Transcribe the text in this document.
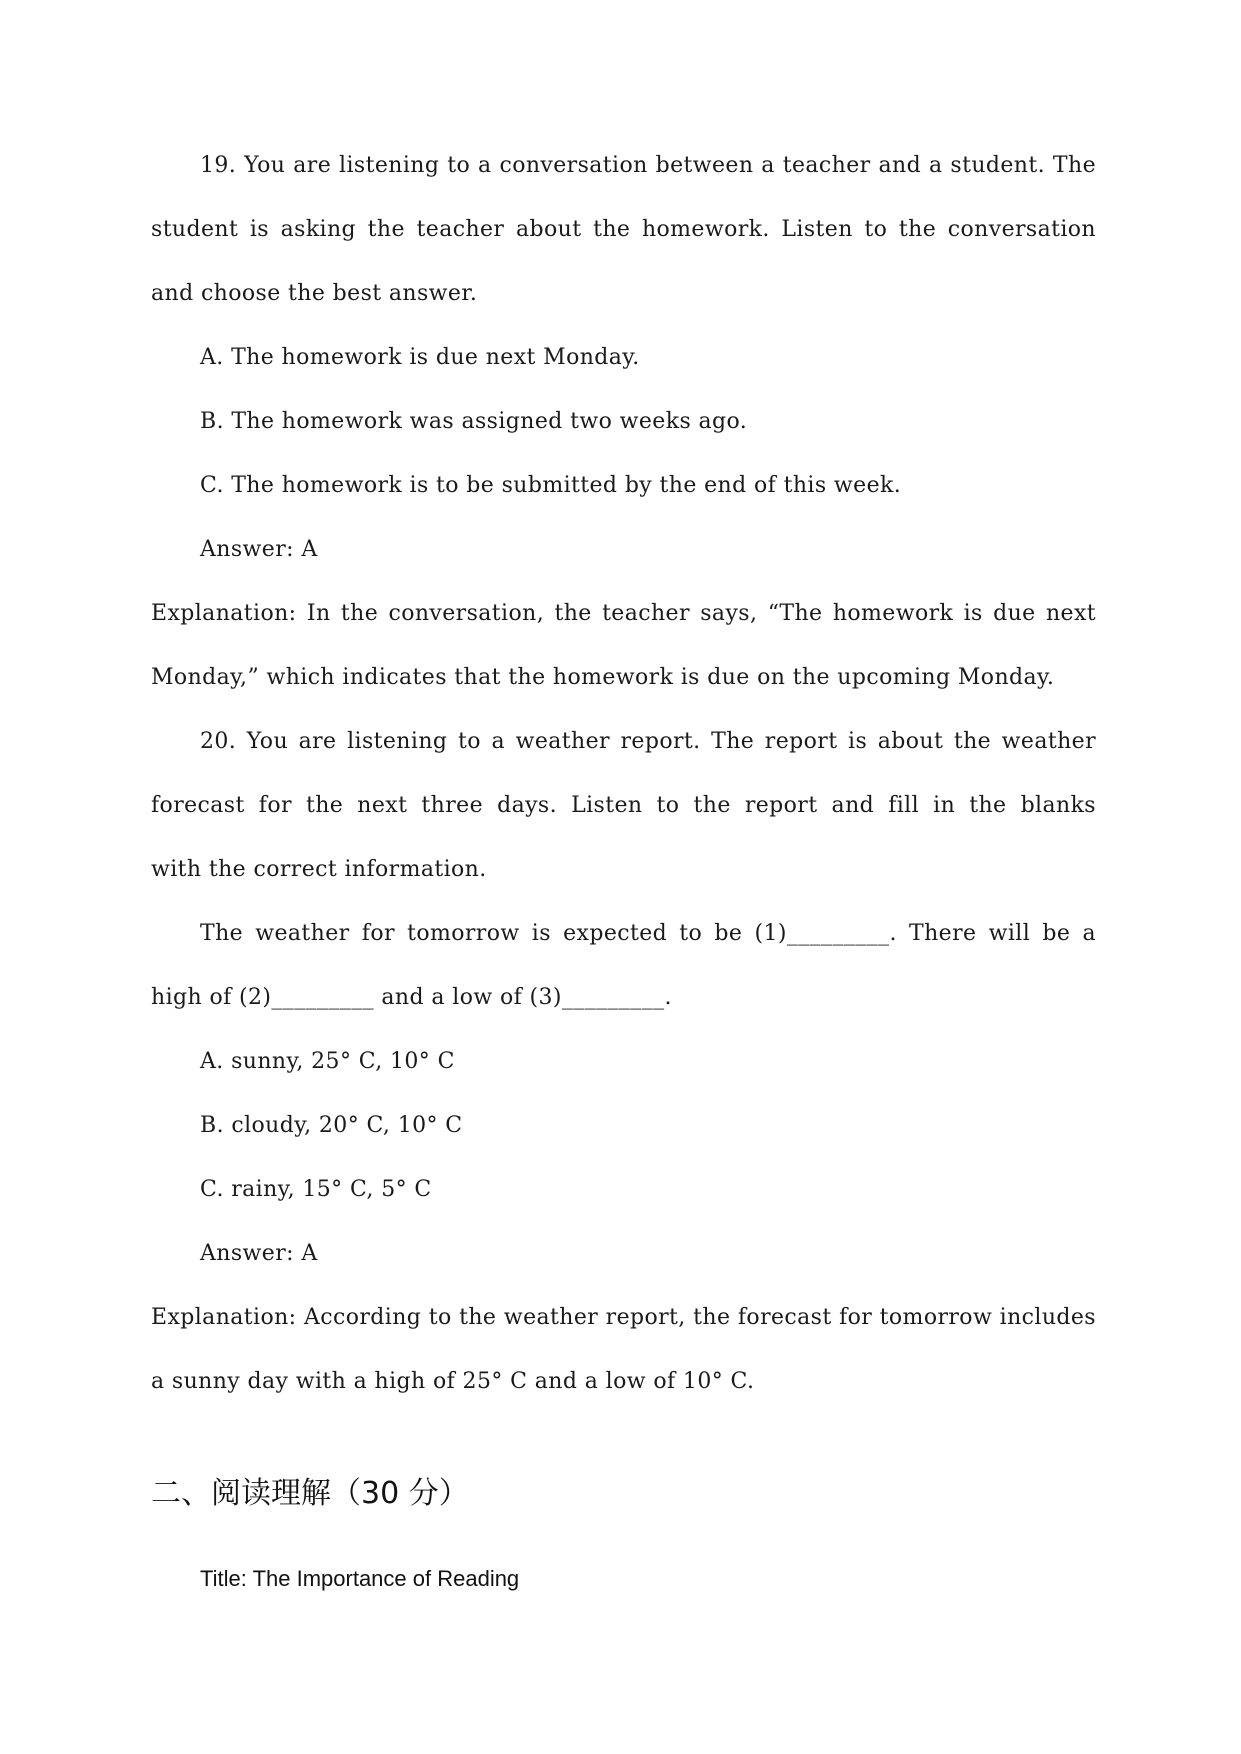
19. You are listening to a conversation between a teacher and a student. The
student is asking the teacher about the homework. Listen to the conversation
and choose the best answer.
A. The homework is due next Monday.
B. The homework was assigned two weeks ago.
C. The homework is to be submitted by the end of this week.
Answer: A
Explanation: In the conversation, the teacher says, “The homework is due next
Monday,” which indicates that the homework is due on the upcoming Monday.
20. You are listening to a weather report. The report is about the weather
forecast for the next three days. Listen to the report and fill in the blanks
with the correct information.
The weather for tomorrow is expected to be (1)_________. There will be a
high of (2)_________ and a low of (3)_________.
A. sunny, 25° C, 10° C
B. cloudy, 20° C, 10° C
C. rainy, 15° C, 5° C
Answer: A
Explanation: According to the weather report, the forecast for tomorrow includes
a sunny day with a high of 25° C and a low of 10° C.
二、阅读理解（30 分）
Title: The Importance of Reading
